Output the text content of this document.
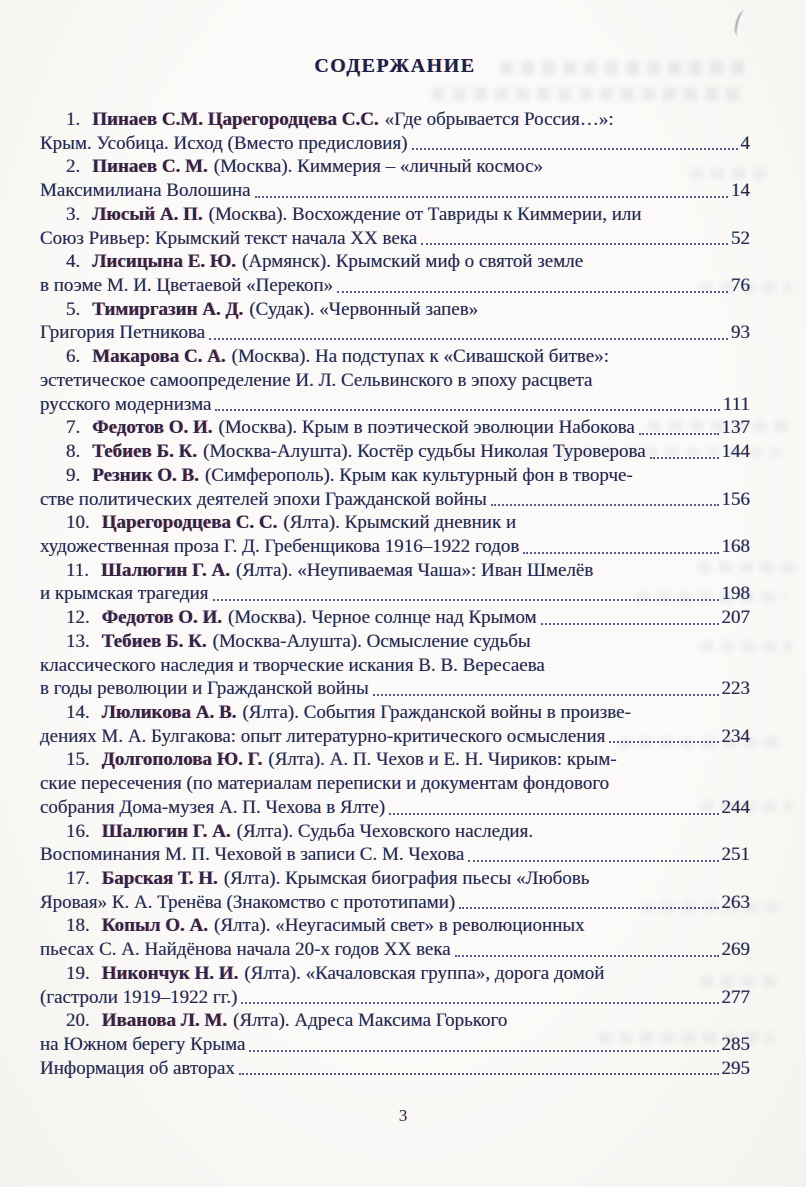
СОДЕРЖАНИЕ
1. Пинаев С.М. Царегородцева С.С. «Где обрывается Россия…»:
Крым. Усобица. Исход (Вместо предисловия)	4
2. Пинаев С. М. (Москва). Киммерия – «личный космос»
Максимилиана Волошина	14
3. Люсый А. П. (Москва). Восхождение от Тавриды к Киммерии, или
Союз Ривьер: Крымский текст начала XX века	52
4. Лисицына Е. Ю. (Армянск). Крымский миф о святой земле
в поэме М. И. Цветаевой «Перекоп»	76
5. Тимиргазин А. Д. (Судак). «Червонный запев»
Григория Петникова	93
6. Макарова С. А. (Москва). На подступах к «Сивашской битве»:
эстетическое самоопределение И. Л. Сельвинского в эпоху расцвета
русского модернизма	111
7. Федотов О. И. (Москва). Крым в поэтической эволюции Набокова	137
8. Тебиев Б. К. (Москва-Алушта). Костёр судьбы Николая Туроверова	144
9. Резник О. В. (Симферополь). Крым как культурный фон в творче-
стве политических деятелей эпохи Гражданской войны	156
10. Царегородцева С. С. (Ялта). Крымский дневник и
художественная проза Г. Д. Гребенщикова 1916–1922 годов	168
11. Шалюгин Г. А. (Ялта). «Неупиваемая Чаша»: Иван Шмелёв
и крымская трагедия	198
12. Федотов О. И. (Москва). Черное солнце над Крымом	207
13. Тебиев Б. К. (Москва-Алушта). Осмысление судьбы
классического наследия и творческие искания В. В. Вересаева
в годы революции и Гражданской войны	223
14. Люликова А. В. (Ялта). События Гражданской войны в произве-
дениях М. А. Булгакова: опыт литературно-критического осмысления	234
15. Долгополова Ю. Г. (Ялта). А. П. Чехов и Е. Н. Чириков: крым-
ские пересечения (по материалам переписки и документам фондового
собрания Дома-музея А. П. Чехова в Ялте)	244
16. Шалюгин Г. А. (Ялта). Судьба Чеховского наследия.
Воспоминания М. П. Чеховой в записи С. М. Чехова	251
17. Барская Т. Н. (Ялта). Крымская биография пьесы «Любовь
Яровая» К. А. Тренёва (Знакомство с прототипами)	263
18. Копыл О. А. (Ялта). «Неугасимый свет» в революционных
пьесах С. А. Найдёнова начала 20-х годов XX века	269
19. Никончук Н. И. (Ялта). «Качаловская группа», дорога домой
(гастроли 1919–1922 гг.)	277
20. Иванова Л. М. (Ялта). Адреса Максима Горького
на Южном берегу Крыма	285
Информация об авторах	295
3
